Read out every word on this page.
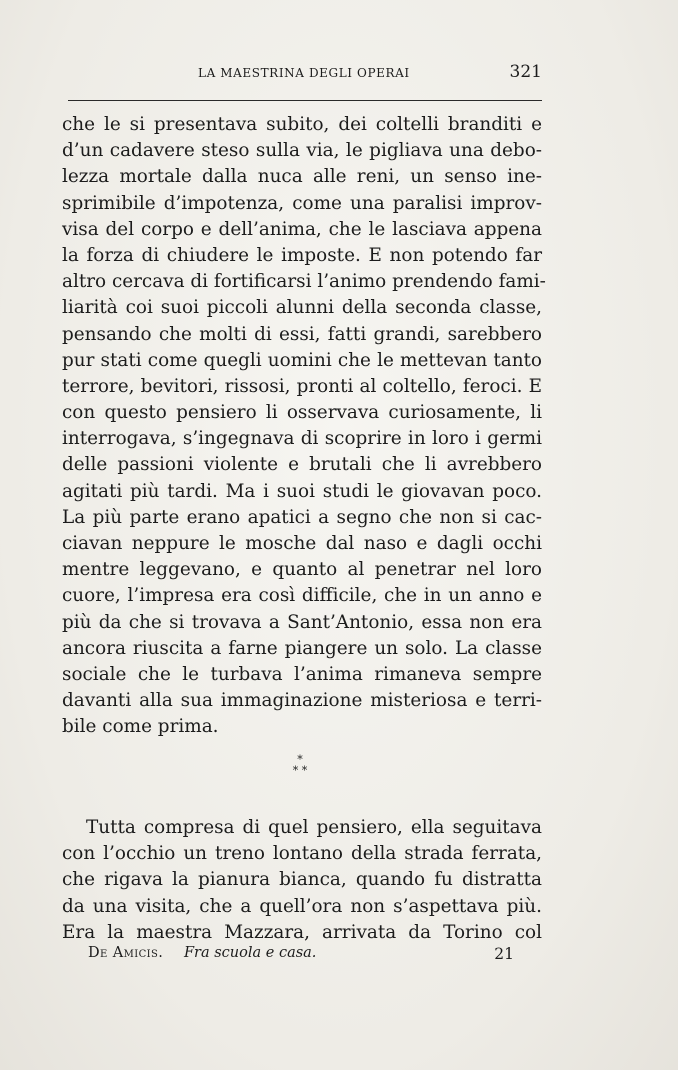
LA MAESTRINA DEGLI OPERAI	321
che le si presentava subito, dei coltelli branditi e
d’un cadavere steso sulla via, le pigliava una debo-
lezza mortale dalla nuca alle reni, un senso ine-
sprimibile d’impotenza, come una paralisi improv-
visa del corpo e dell’anima, che le lasciava appena
la forza di chiudere le imposte. E non potendo far
altro cercava di fortificarsi l’animo prendendo fami-
liarità coi suoi piccoli alunni della seconda classe,
pensando che molti di essi, fatti grandi, sarebbero
pur stati come quegli uomini che le mettevan tanto
terrore, bevitori, rissosi, pronti al coltello, feroci. E
con questo pensiero li osservava curiosamente, li
interrogava, s’ingegnava di scoprire in loro i germi
delle passioni violente e brutali che li avrebbero
agitati più tardi. Ma i suoi studi le giovavan poco.
La più parte erano apatici a segno che non si cac-
ciavan neppure le mosche dal naso e dagli occhi
mentre leggevano, e quanto al penetrar nel loro
cuore, l’impresa era così difficile, che in un anno e
più da che si trovava a Sant’Antonio, essa non era
ancora riuscita a farne piangere un solo. La classe
sociale che le turbava l’anima rimaneva sempre
davanti alla sua immaginazione misteriosa e terri-
bile come prima.
*
* *
Tutta compresa di quel pensiero, ella seguitava
con l’occhio un treno lontano della strada ferrata,
che rigava la pianura bianca, quando fu distratta
da una visita, che a quell’ora non s’aspettava più.
Era la maestra Mazzara, arrivata da Torino col
De Amicis. Fra scuola e casa.	21
